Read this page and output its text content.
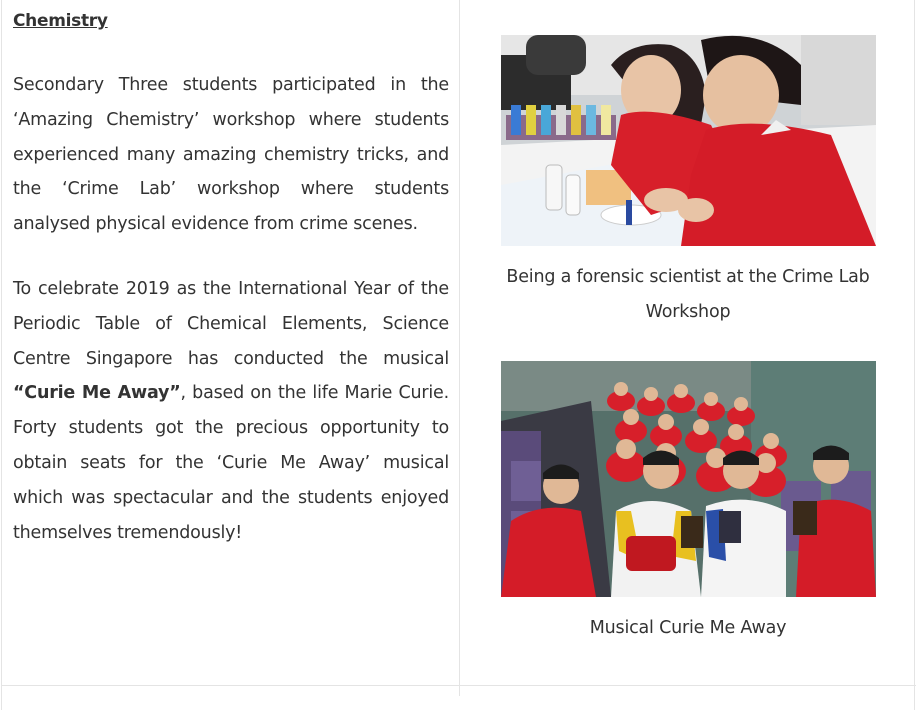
Chemistry

Secondary Three students participated in the ‘Amazing Chemistry’ workshop where students experienced many amazing chemistry tricks, and the ‘Crime Lab’ workshop where students analysed physical evidence from crime scenes.

To celebrate 2019 as the International Year of the Periodic Table of Chemical Elements, Science Centre Singapore has conducted the musical “Curie Me Away”, based on the life Marie Curie. Forty students got the precious opportunity to obtain seats for the ‘Curie Me Away’ musical which was spectacular and the students enjoyed themselves tremendously!

Being a forensic scientist at the Crime Lab Workshop
Musical Curie Me Away
